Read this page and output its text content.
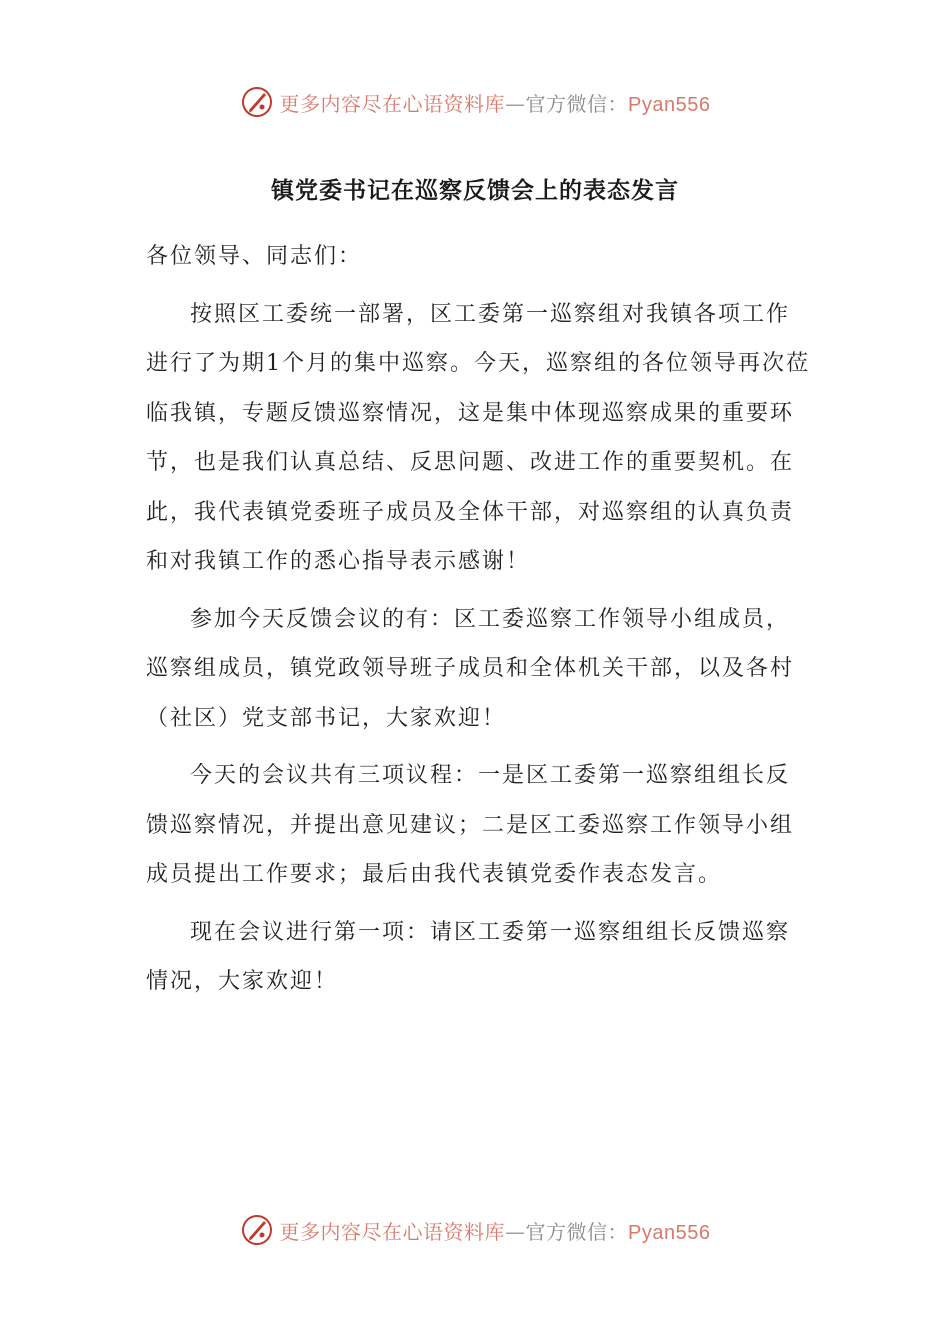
更多内容尽在心语资料库—官方微信：Pyan556
镇党委书记在巡察反馈会上的表态发言

各位领导、同志们：

按照区工委统一部署，区工委第一巡察组对我镇各项工作进行了为期1个月的集中巡察。今天，巡察组的各位领导再次莅临我镇，专题反馈巡察情况，这是集中体现巡察成果的重要环节，也是我们认真总结、反思问题、改进工作的重要契机。在此，我代表镇党委班子成员及全体干部，对巡察组的认真负责和对我镇工作的悉心指导表示感谢！

参加今天反馈会议的有：区工委巡察工作领导小组成员，巡察组成员，镇党政领导班子成员和全体机关干部，以及各村（社区）党支部书记，大家欢迎！

今天的会议共有三项议程：一是区工委第一巡察组组长反馈巡察情况，并提出意见建议；二是区工委巡察工作领导小组成员提出工作要求；最后由我代表镇党委作表态发言。

现在会议进行第一项：请区工委第一巡察组组长反馈巡察情况，大家欢迎！

更多内容尽在心语资料库—官方微信：Pyan556
